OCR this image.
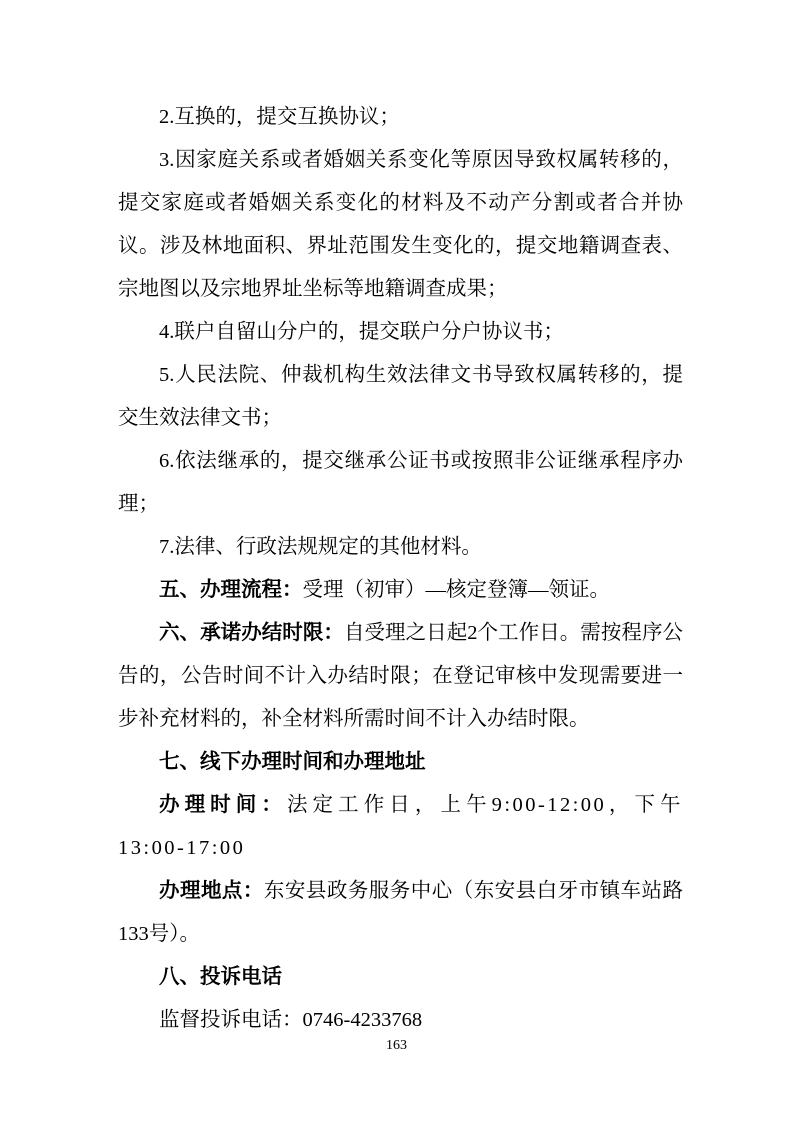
2.互换的，提交互换协议；

3.因家庭关系或者婚姻关系变化等原因导致权属转移的，提交家庭或者婚姻关系变化的材料及不动产分割或者合并协议。涉及林地面积、界址范围发生变化的，提交地籍调查表、宗地图以及宗地界址坐标等地籍调查成果；

4.联户自留山分户的，提交联户分户协议书；

5.人民法院、仲裁机构生效法律文书导致权属转移的，提交生效法律文书；

6.依法继承的，提交继承公证书或按照非公证继承程序办理；

7.法律、行政法规规定的其他材料。

五、办理流程：受理（初审）—核定登簿—领证。

六、承诺办结时限：自受理之日起2个工作日。需按程序公告的，公告时间不计入办结时限；在登记审核中发现需要进一步补充材料的，补全材料所需时间不计入办结时限。

七、线下办理时间和办理地址

办理时间：法定工作日，上午9:00-12:00，下午13:00-17:00

办理地点：东安县政务服务中心（东安县白牙市镇车站路133号）。

八、投诉电话

监督投诉电话：0746-4233768

163
